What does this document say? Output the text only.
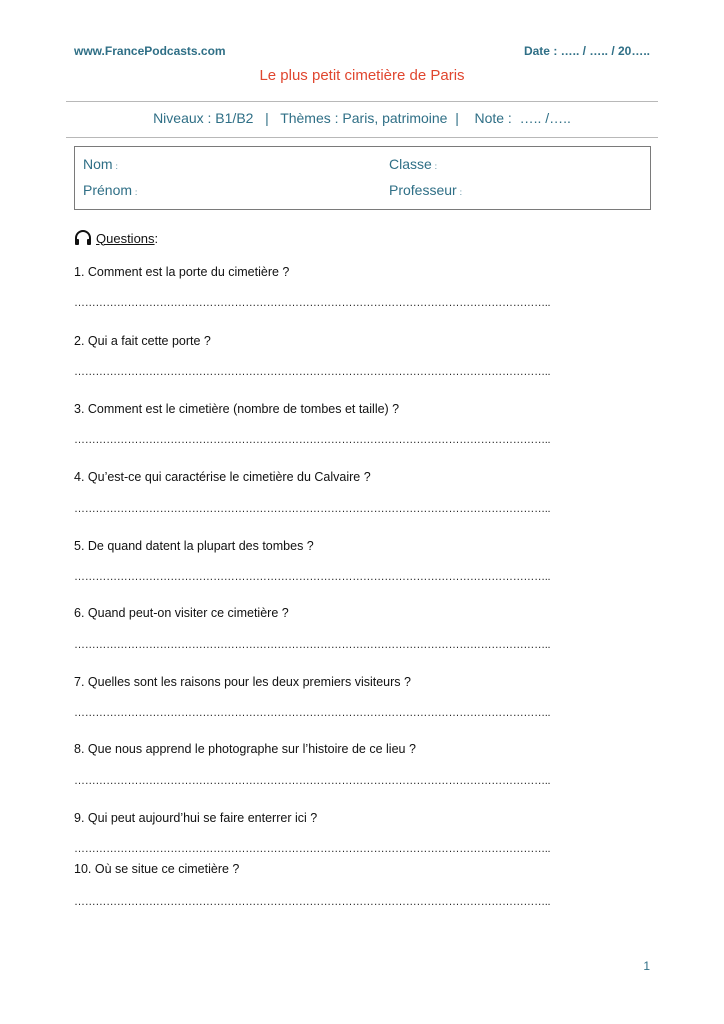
www.FrancePodcasts.com	Date : ….. / ….. / 20…..
Le plus petit cimetière de Paris
Niveaux : B1/B2   |   Thèmes : Paris, patrimoine  |    Note :  ….. /…..
Nom :
Prénom :
Classe :
Professeur :
Questions :
1. Comment est la porte du cimetière ?
……………………………………………………………………………………………………………………..
2. Qui a fait cette porte ?
……………………………………………………………………………………………………………………..
3. Comment est le cimetière (nombre de tombes et taille) ?
……………………………………………………………………………………………………………………..
4. Qu’est-ce qui caractérise le cimetière du Calvaire ?
……………………………………………………………………………………………………………………..
5. De quand datent la plupart des tombes ?
……………………………………………………………………………………………………………………..
6. Quand peut-on visiter ce cimetière ?
……………………………………………………………………………………………………………………..
7. Quelles sont les raisons pour les deux premiers visiteurs ?
……………………………………………………………………………………………………………………..
8. Que nous apprend le photographe sur l’histoire de ce lieu ?
……………………………………………………………………………………………………………………..
9. Qui peut aujourd’hui se faire enterrer ici ?
……………………………………………………………………………………………………………………..
10. Où se situe ce cimetière ?
……………………………………………………………………………………………………………………..
1
